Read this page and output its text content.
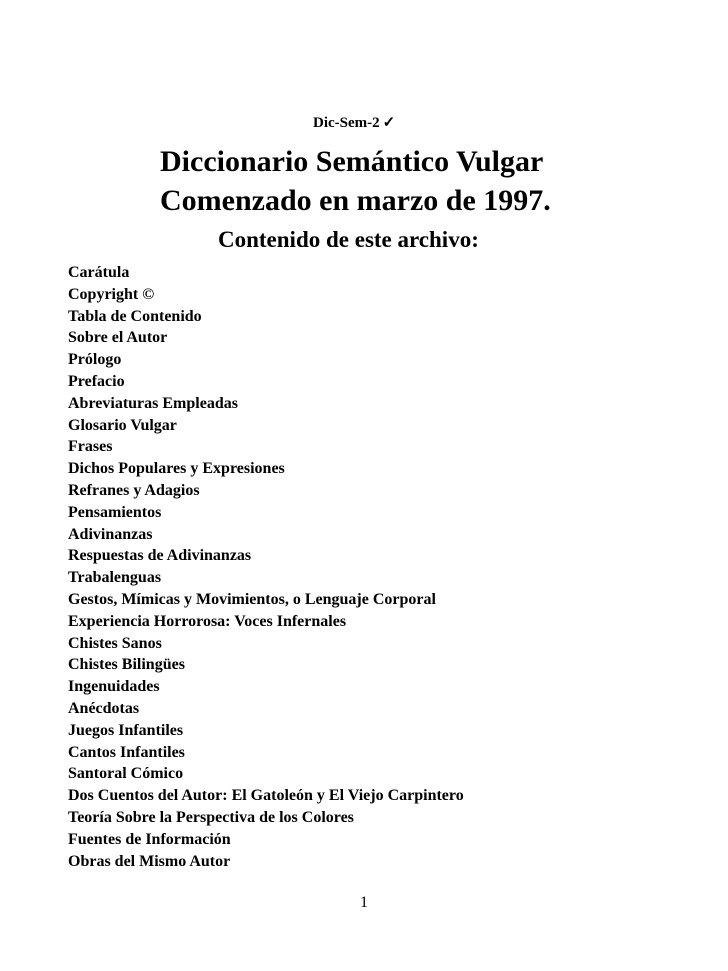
Dic-Sem-2 ✓
Diccionario Semántico Vulgar
Comenzado en marzo de 1997.
Contenido de este archivo:
Carátula
Copyright ©
Tabla de Contenido
Sobre el Autor
Prólogo
Prefacio
Abreviaturas Empleadas
Glosario Vulgar
Frases
Dichos Populares y Expresiones
Refranes y Adagios
Pensamientos
Adivinanzas
Respuestas de Adivinanzas
Trabalenguas
Gestos, Mímicas y Movimientos, o Lenguaje Corporal
Experiencia Horrorosa: Voces Infernales
Chistes Sanos
Chistes Bilingües
Ingenuidades
Anécdotas
Juegos Infantiles
Cantos Infantiles
Santoral Cómico
Dos Cuentos del Autor: El Gatoleón y El Viejo Carpintero
Teoría Sobre la Perspectiva de los Colores
Fuentes de Información
Obras del Mismo Autor
1
